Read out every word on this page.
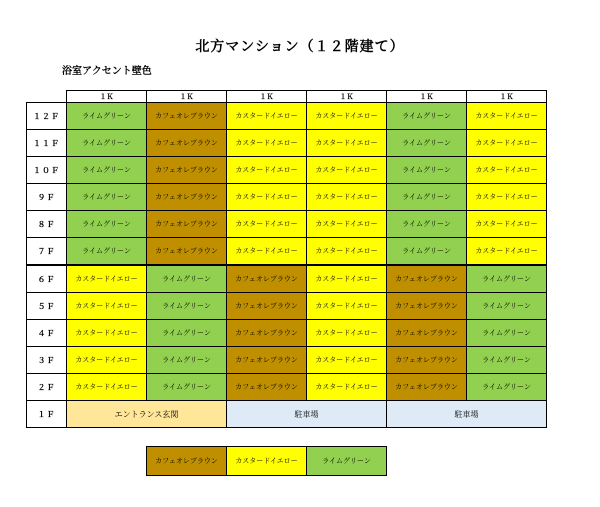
北方マンション（１２階建て）
浴室アクセント壁色
	１Ｋ	１Ｋ	１Ｋ	１Ｋ	１Ｋ	１Ｋ
１２Ｆ	ライムグリーン	カフェオレブラウン	カスタードイエロー	カスタードイエロー	ライムグリーン	カスタードイエロー
１１Ｆ	ライムグリーン	カフェオレブラウン	カスタードイエロー	カスタードイエロー	ライムグリーン	カスタードイエロー
１０Ｆ	ライムグリーン	カフェオレブラウン	カスタードイエロー	カスタードイエロー	ライムグリーン	カスタードイエロー
９Ｆ	ライムグリーン	カフェオレブラウン	カスタードイエロー	カスタードイエロー	ライムグリーン	カスタードイエロー
８Ｆ	ライムグリーン	カフェオレブラウン	カスタードイエロー	カスタードイエロー	ライムグリーン	カスタードイエロー
７Ｆ	ライムグリーン	カフェオレブラウン	カスタードイエロー	カスタードイエロー	ライムグリーン	カスタードイエロー
６Ｆ	カスタードイエロー	ライムグリーン	カフェオレブラウン	カスタードイエロー	カフェオレブラウン	ライムグリーン
５Ｆ	カスタードイエロー	ライムグリーン	カフェオレブラウン	カスタードイエロー	カフェオレブラウン	ライムグリーン
４Ｆ	カスタードイエロー	ライムグリーン	カフェオレブラウン	カスタードイエロー	カフェオレブラウン	ライムグリーン
３Ｆ	カスタードイエロー	ライムグリーン	カフェオレブラウン	カスタードイエロー	カフェオレブラウン	ライムグリーン
２Ｆ	カスタードイエロー	ライムグリーン	カフェオレブラウン	カスタードイエロー	カフェオレブラウン	ライムグリーン
１Ｆ	エントランス玄関		駐車場		駐車場	
カフェオレブラウン	カスタードイエロー	ライムグリーン
